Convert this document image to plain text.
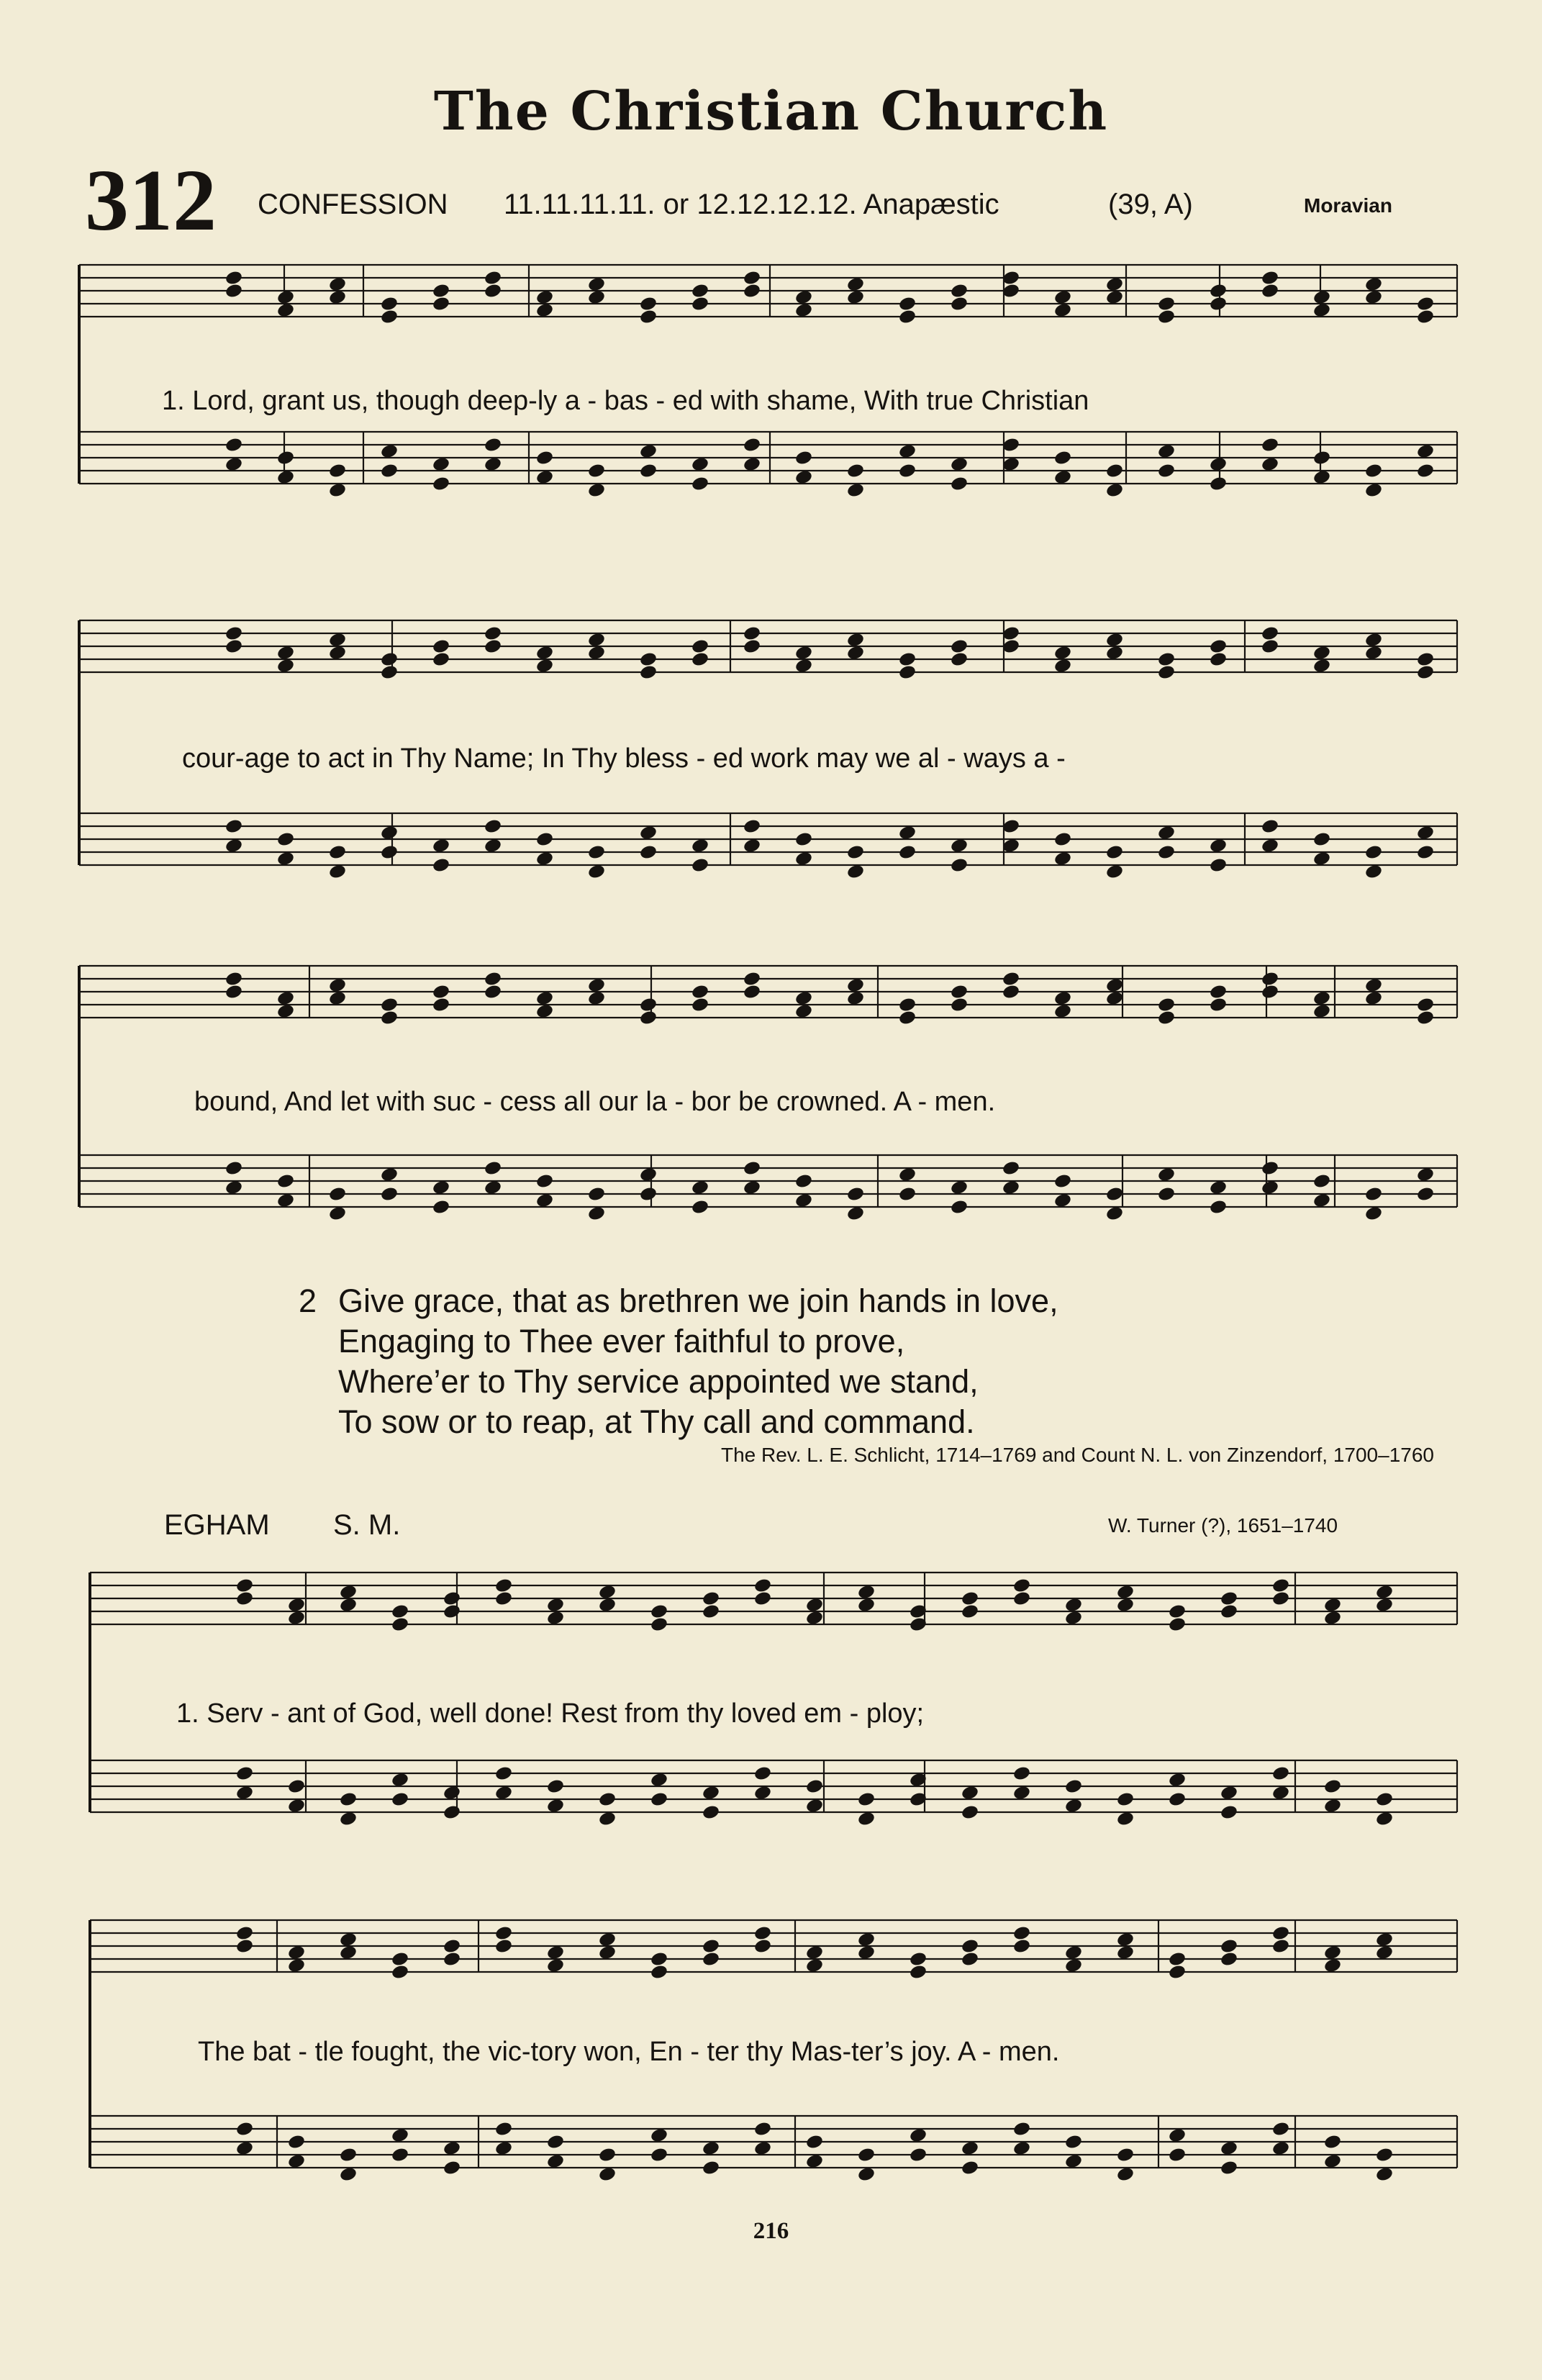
The Christian Church
312 CONFESSION 11.11.11.11. or 12.12.12.12. Anapæstic	(39, A)	Moravian
1. Lord, grant us, though deep-ly a - bas - ed with shame, With true Christian
cour-age to act in Thy Name; In Thy bless - ed work may we al - ways a -
bound, And let with suc - cess all our la - bor be crowned. A - men.
2 Give grace, that as brethren we join hands in love,
Engaging to Thee ever faithful to prove,
Where’er to Thy service appointed we stand,
To sow or to reap, at Thy call and command.
The Rev. L. E. Schlicht, 1714–1769 and Count N. L. von Zinzendorf, 1700–1760
EGHAM S. M.	W. Turner (?), 1651–1740
1. Serv - ant of God, well done! Rest from thy loved em - ploy;
The bat - tle fought, the vic-tory won, En - ter thy Mas-ter’s joy. A - men.
216
